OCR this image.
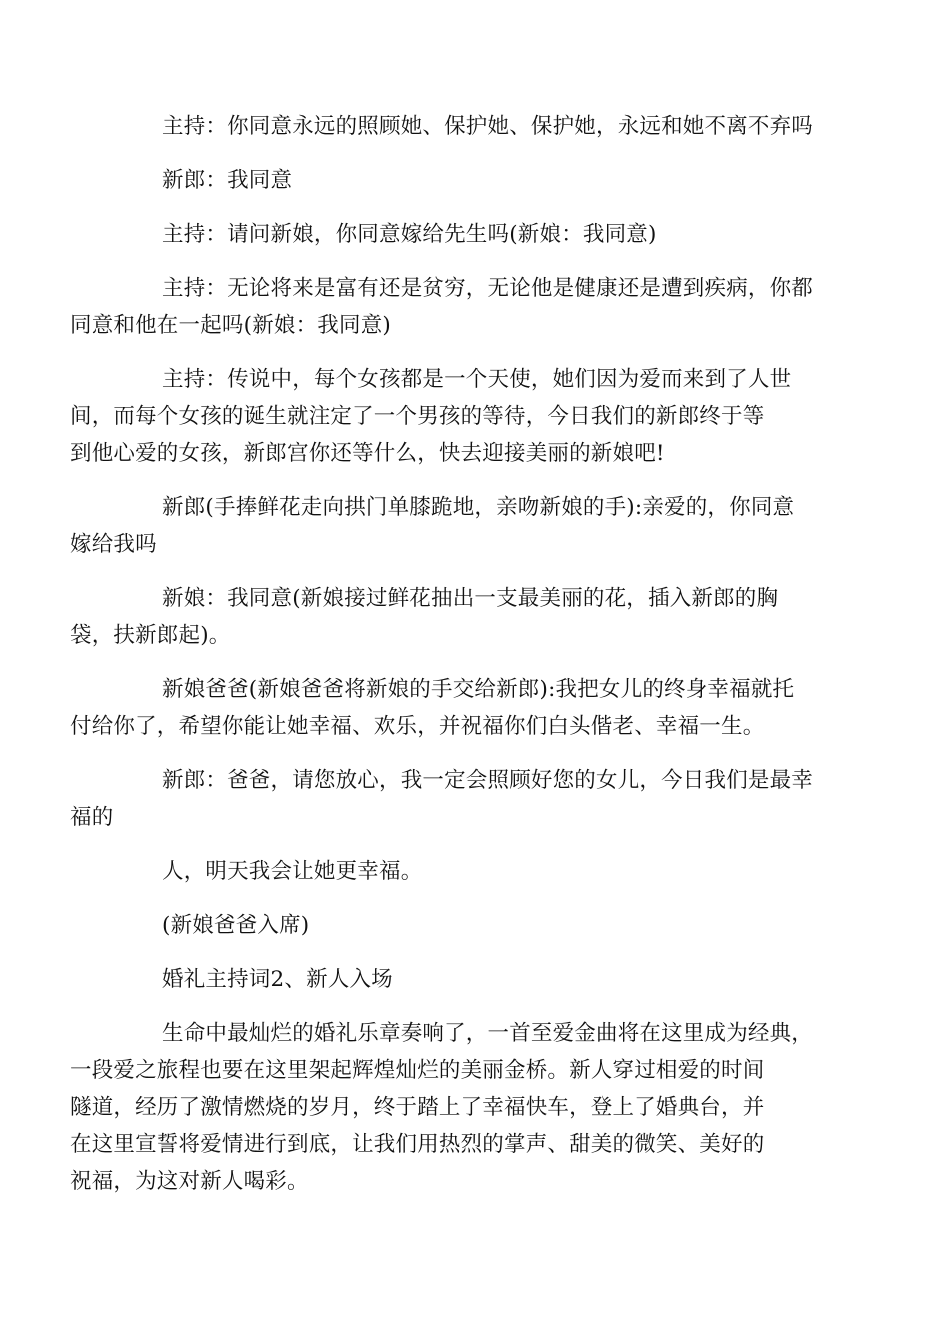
主持：你同意永远的照顾她、保护她、保护她，永远和她不离不弃吗

新郎：我同意

主持：请问新娘，你同意嫁给先生吗(新娘：我同意)

主持：无论将来是富有还是贫穷，无论他是健康还是遭到疾病，你都
同意和他在一起吗(新娘：我同意)

主持：传说中，每个女孩都是一个天使，她们因为爱而来到了人世
间，而每个女孩的诞生就注定了一个男孩的等待，今日我们的新郎终于等
到他心爱的女孩，新郎宫你还等什么，快去迎接美丽的新娘吧!

新郎(手捧鲜花走向拱门单膝跪地，亲吻新娘的手):亲爱的，你同意
嫁给我吗

新娘：我同意(新娘接过鲜花抽出一支最美丽的花，插入新郎的胸
袋，扶新郎起)。

新娘爸爸(新娘爸爸将新娘的手交给新郎):我把女儿的终身幸福就托
付给你了，希望你能让她幸福、欢乐，并祝福你们白头偕老、幸福一生。

新郎：爸爸，请您放心，我一定会照顾好您的女儿，今日我们是最幸
福的

人，明天我会让她更幸福。

(新娘爸爸入席)

婚礼主持词2、新人入场

生命中最灿烂的婚礼乐章奏响了，一首至爱金曲将在这里成为经典，
一段爱之旅程也要在这里架起辉煌灿烂的美丽金桥。新人穿过相爱的时间
隧道，经历了激情燃烧的岁月，终于踏上了幸福快车，登上了婚典台，并
在这里宣誓将爱情进行到底，让我们用热烈的掌声、甜美的微笑、美好的
祝福，为这对新人喝彩。
